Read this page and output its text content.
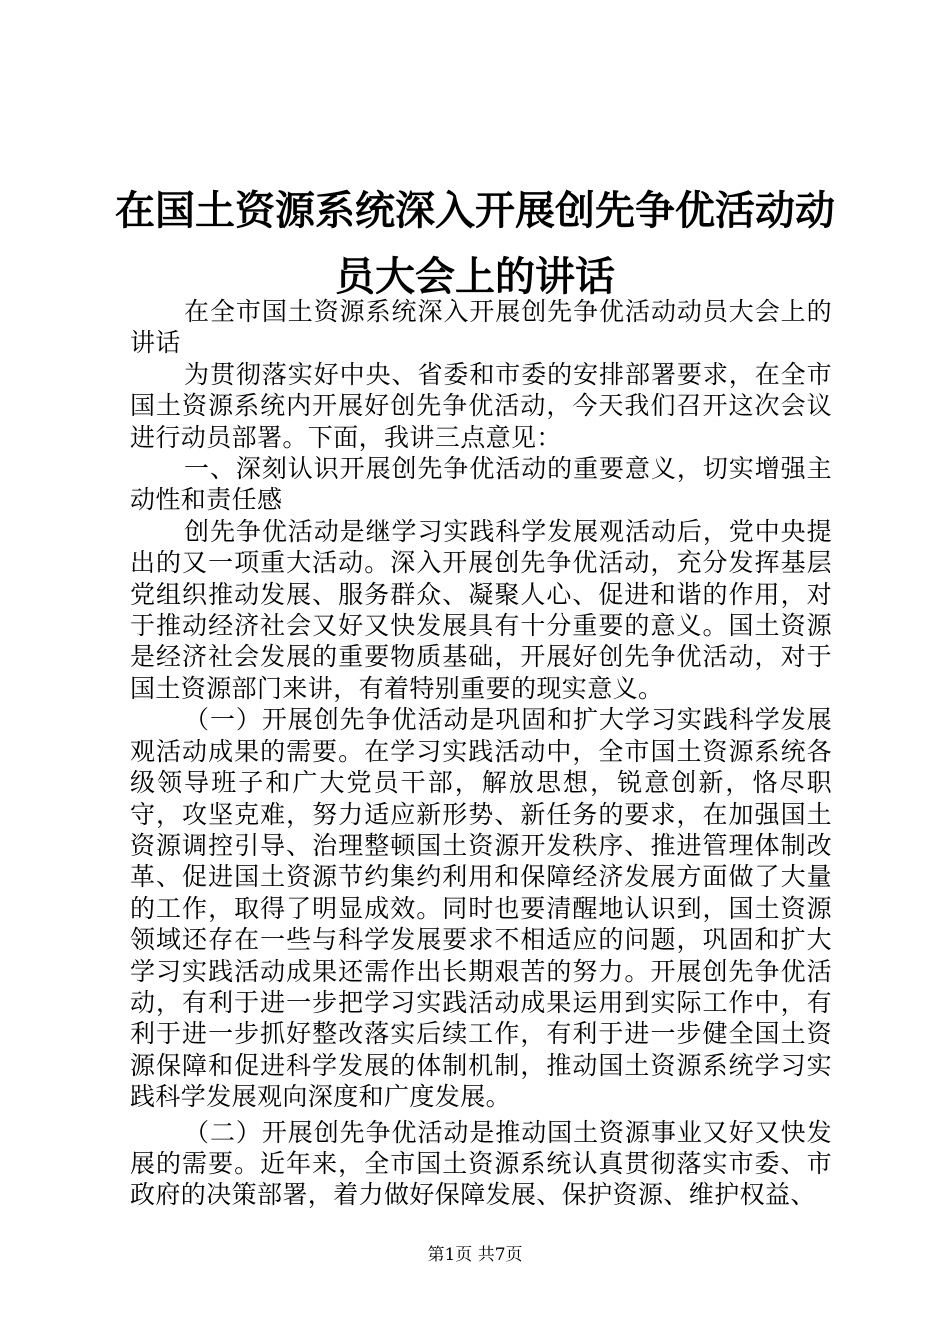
在国土资源系统深入开展创先争优活动动员大会上的讲话

在全市国土资源系统深入开展创先争优活动动员大会上的讲话

为贯彻落实好中央、省委和市委的安排部署要求，在全市国土资源系统内开展好创先争优活动，今天我们召开这次会议进行动员部署。下面，我讲三点意见：

一、深刻认识开展创先争优活动的重要意义，切实增强主动性和责任感

创先争优活动是继学习实践科学发展观活动后，党中央提出的又一项重大活动。深入开展创先争优活动，充分发挥基层党组织推动发展、服务群众、凝聚人心、促进和谐的作用，对于推动经济社会又好又快发展具有十分重要的意义。国土资源是经济社会发展的重要物质基础，开展好创先争优活动，对于国土资源部门来讲，有着特别重要的现实意义。

（一）开展创先争优活动是巩固和扩大学习实践科学发展观活动成果的需要。在学习实践活动中，全市国土资源系统各级领导班子和广大党员干部，解放思想，锐意创新，恪尽职守，攻坚克难，努力适应新形势、新任务的要求，在加强国土资源调控引导、治理整顿国土资源开发秩序、推进管理体制改革、促进国土资源节约集约利用和保障经济发展方面做了大量的工作，取得了明显成效。同时也要清醒地认识到，国土资源领域还存在一些与科学发展要求不相适应的问题，巩固和扩大学习实践活动成果还需作出长期艰苦的努力。开展创先争优活动，有利于进一步把学习实践活动成果运用到实际工作中，有利于进一步抓好整改落实后续工作，有利于进一步健全国土资源保障和促进科学发展的体制机制，推动国土资源系统学习实践科学发展观向深度和广度发展。

（二）开展创先争优活动是推动国土资源事业又好又快发展的需要。近年来，全市国土资源系统认真贯彻落实市委、市政府的决策部署，着力做好保障发展、保护资源、维护权益、

第1页 共7页
